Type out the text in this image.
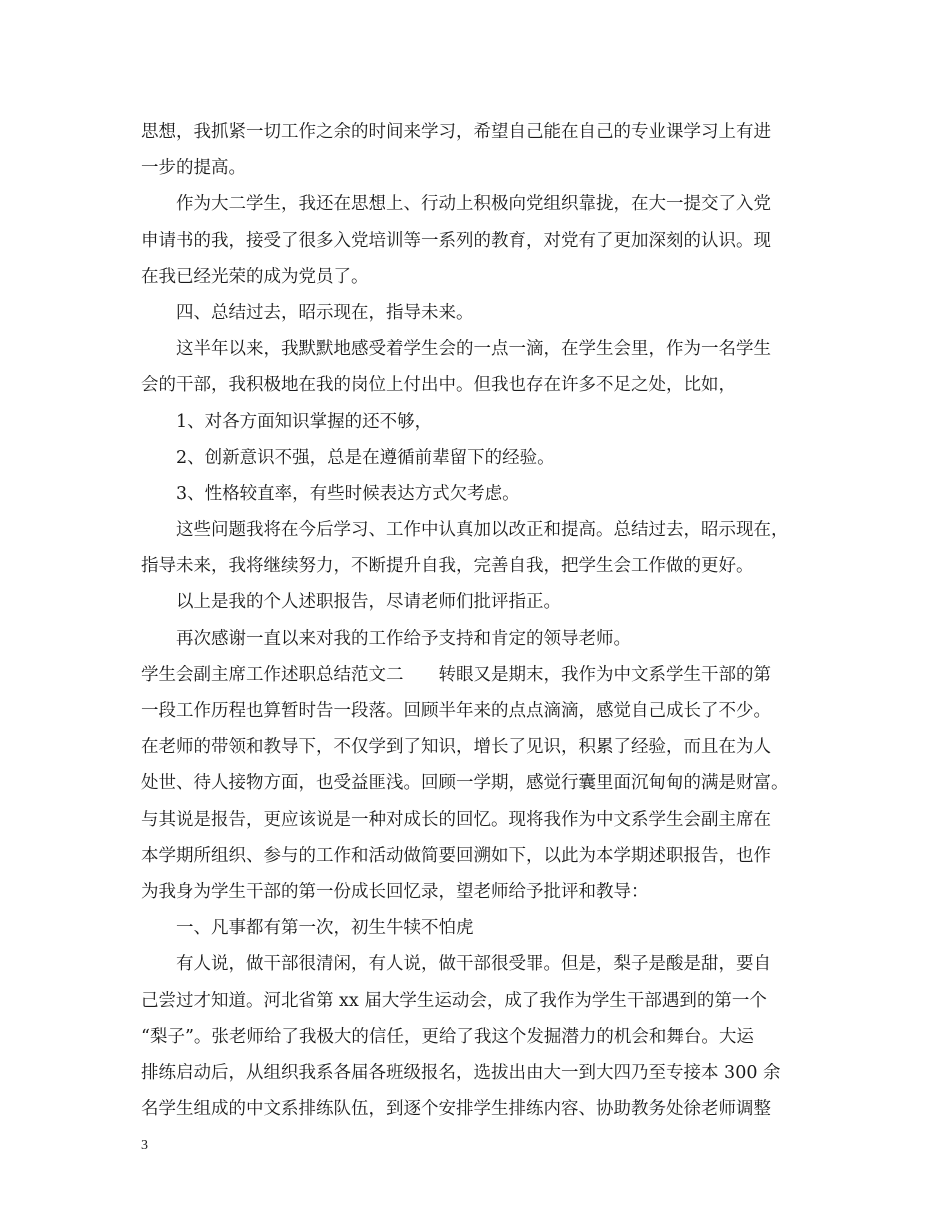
思想，我抓紧一切工作之余的时间来学习，希望自己能在自己的专业课学习上有进
一步的提高。
作为大二学生，我还在思想上、行动上积极向党组织靠拢，在大一提交了入党
申请书的我，接受了很多入党培训等一系列的教育，对党有了更加深刻的认识。现
在我已经光荣的成为党员了。
四、总结过去，昭示现在，指导未来。
这半年以来，我默默地感受着学生会的一点一滴，在学生会里，作为一名学生
会的干部，我积极地在我的岗位上付出中。但我也存在许多不足之处，比如，
1、对各方面知识掌握的还不够，
2、创新意识不强，总是在遵循前辈留下的经验。
3、性格较直率，有些时候表达方式欠考虑。
这些问题我将在今后学习、工作中认真加以改正和提高。总结过去，昭示现在，
指导未来，我将继续努力，不断提升自我，完善自我，把学生会工作做的更好。
以上是我的个人述职报告，尽请老师们批评指正。
再次感谢一直以来对我的工作给予支持和肯定的领导老师。
学生会副主席工作述职总结范文二　　转眼又是期末，我作为中文系学生干部的第
一段工作历程也算暂时告一段落。回顾半年来的点点滴滴，感觉自己成长了不少。
在老师的带领和教导下，不仅学到了知识，增长了见识，积累了经验，而且在为人
处世、待人接物方面，也受益匪浅。回顾一学期，感觉行囊里面沉甸甸的满是财富。
与其说是报告，更应该说是一种对成长的回忆。现将我作为中文系学生会副主席在
本学期所组织、参与的工作和活动做简要回溯如下，以此为本学期述职报告，也作
为我身为学生干部的第一份成长回忆录，望老师给予批评和教导：
一、凡事都有第一次，初生牛犊不怕虎
有人说，做干部很清闲，有人说，做干部很受罪。但是，梨子是酸是甜，要自
己尝过才知道。河北省第 xx 届大学生运动会，成了我作为学生干部遇到的第一个
“梨子”。张老师给了我极大的信任，更给了我这个发掘潜力的机会和舞台。大运
排练启动后，从组织我系各届各班级报名，选拔出由大一到大四乃至专接本 300 余
名学生组成的中文系排练队伍，到逐个安排学生排练内容、协助教务处徐老师调整
3
